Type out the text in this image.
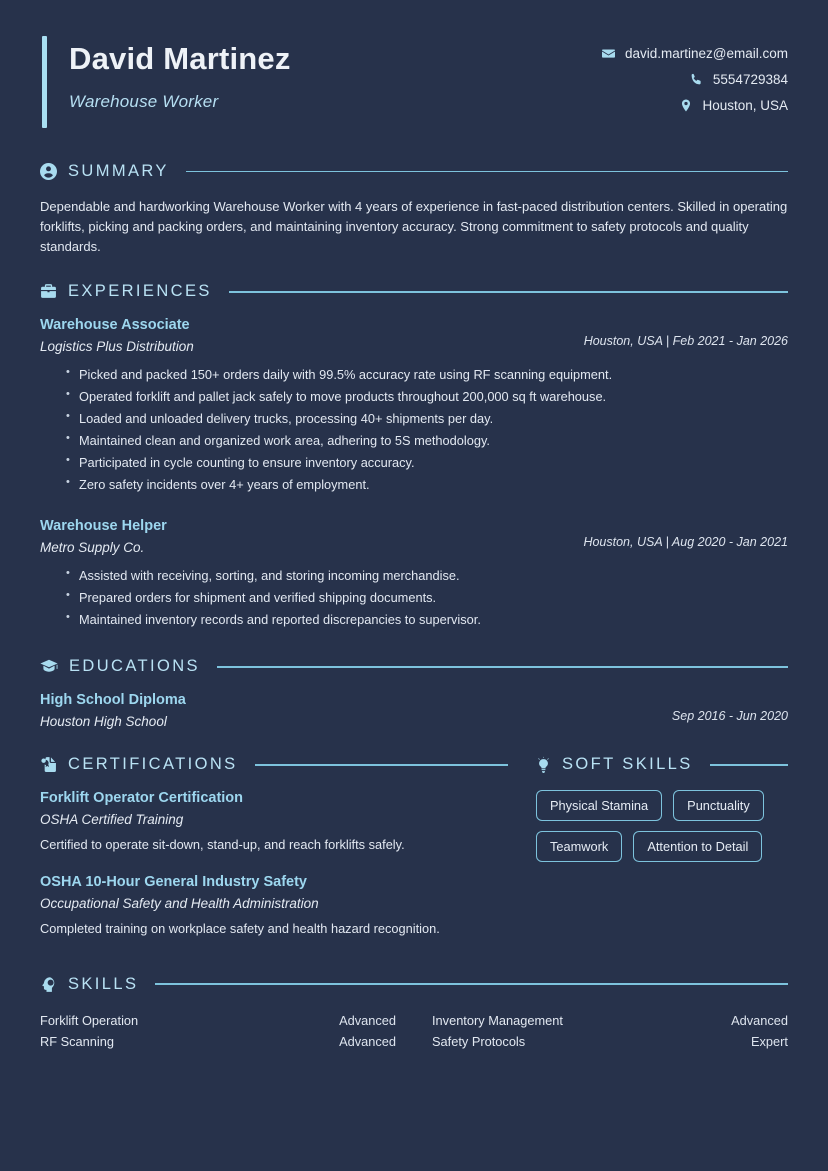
David Martinez
Warehouse Worker
david.martinez@email.com
5554729384
Houston, USA
SUMMARY
Dependable and hardworking Warehouse Worker with 4 years of experience in fast-paced distribution centers. Skilled in operating forklifts, picking and packing orders, and maintaining inventory accuracy. Strong commitment to safety protocols and quality standards.
EXPERIENCES
Warehouse Associate
Logistics Plus Distribution	Houston, USA | Feb 2021 - Jan 2026
• Picked and packed 150+ orders daily with 99.5% accuracy rate using RF scanning equipment.
• Operated forklift and pallet jack safely to move products throughout 200,000 sq ft warehouse.
• Loaded and unloaded delivery trucks, processing 40+ shipments per day.
• Maintained clean and organized work area, adhering to 5S methodology.
• Participated in cycle counting to ensure inventory accuracy.
• Zero safety incidents over 4+ years of employment.
Warehouse Helper
Metro Supply Co.	Houston, USA | Aug 2020 - Jan 2021
• Assisted with receiving, sorting, and storing incoming merchandise.
• Prepared orders for shipment and verified shipping documents.
• Maintained inventory records and reported discrepancies to supervisor.
EDUCATIONS
High School Diploma
Houston High School	Sep 2016 - Jun 2020
CERTIFICATIONS
Forklift Operator Certification
OSHA Certified Training
Certified to operate sit-down, stand-up, and reach forklifts safely.
OSHA 10-Hour General Industry Safety
Occupational Safety and Health Administration
Completed training on workplace safety and health hazard recognition.
SOFT SKILLS
Physical Stamina	Punctuality
Teamwork	Attention to Detail
SKILLS
Forklift Operation	Advanced	Inventory Management	Advanced
RF Scanning	Advanced	Safety Protocols	Expert
